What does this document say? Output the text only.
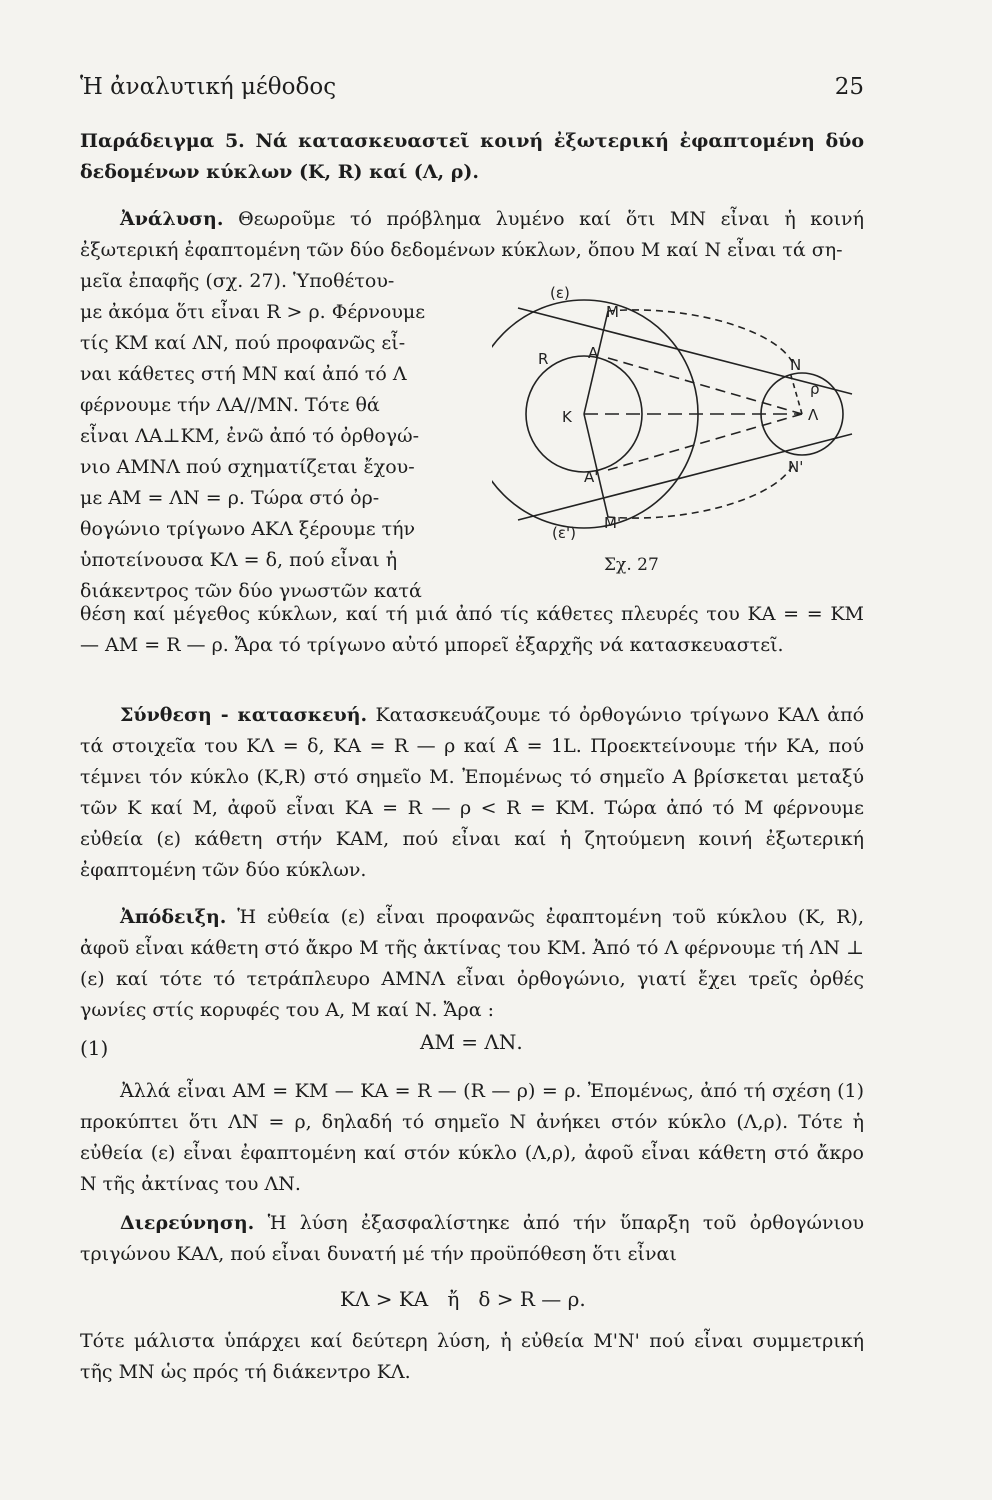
Ἡ ἀναλυτική μέθοδος	25

Παράδειγμα 5. Νά κατασκευαστεῖ κοινή ἐξωτερική ἐφαπτομένη δύο δεδομένων κύκλων (Κ, R) καί (Λ, ρ).

Ἀνάλυση. Θεωροῦμε τό πρόβλημα λυμένο καί ὅτι ΜΝ εἶναι ἡ κοινή ἐξωτερική ἐφαπτομένη τῶν δύο δεδομένων κύκλων, ὅπου Μ καί Ν εἶναι τά ση-

μεῖα ἐπαφῆς (σχ. 27). Ὑποθέτου-
με ἀκόμα ὅτι εἶναι R > ρ. Φέρνουμε
τίς ΚΜ καί ΛΝ, πού προφανῶς εἶ-
ναι κάθετες στή ΜΝ καί ἀπό τό Λ
φέρνουμε τήν ΛΑ//ΜΝ. Τότε θά
εἶναι ΛΑ⊥ΚΜ, ἐνῶ ἀπό τό ὀρθογώ-
νιο ΑΜΝΛ πού σχηματίζεται ἔχου-
με ΑΜ = ΛΝ = ρ. Τώρα στό ὀρ-
θογώνιο τρίγωνο ΑΚΛ ξέρουμε τήν
ὑποτείνουσα ΚΛ = δ, πού εἶναι ἡ
διάκεντρος τῶν δύο γνωστῶν κατά

θέση καί μέγεθος κύκλων, καί τή μιά ἀπό τίς κάθετες πλευρές του ΚΑ = = ΚΜ — ΑΜ = R — ρ. Ἄρα τό τρίγωνο αὐτό μπορεῖ ἐξαρχῆς νά κατασκευαστεῖ.

(ε)
Μ
R	Α
Κ
Α'
Ν
ρ
Λ
Ν'
Μ'
(ε')
Σχ. 27

Σύνθεση - κατασκευή. Κατασκευάζουμε τό ὀρθογώνιο τρίγωνο ΚΑΛ ἀπό τά στοιχεῖα του ΚΛ = δ, ΚΑ = R — ρ καί Α̂ = 1L. Προεκτείνουμε τήν ΚΑ, πού τέμνει τόν κύκλο (Κ,R) στό σημεῖο Μ. Ἐπομένως τό σημεῖο Α βρίσκεται μεταξύ τῶν Κ καί Μ, ἀφοῦ εἶναι ΚΑ = R — ρ < R = ΚΜ. Τώρα ἀπό τό Μ φέρνουμε εὐθεία (ε) κάθετη στήν ΚΑΜ, πού εἶναι καί ἡ ζητούμενη κοινή ἐξωτερική ἐφαπτομένη τῶν δύο κύκλων.

Ἀπόδειξη. Ἡ εὐθεία (ε) εἶναι προφανῶς ἐφαπτομένη τοῦ κύκλου (Κ, R), ἀφοῦ εἶναι κάθετη στό ἄκρο Μ τῆς ἀκτίνας του ΚΜ. Ἀπό τό Λ φέρνουμε τή ΛΝ ⊥ (ε) καί τότε τό τετράπλευρο ΑΜΝΛ εἶναι ὀρθογώνιο, γιατί ἔχει τρεῖς ὀρθές γωνίες στίς κορυφές του Α, Μ καί Ν. Ἄρα :

(1)	ΑΜ = ΛΝ.

Ἀλλά εἶναι ΑΜ = ΚΜ — ΚΑ = R — (R — ρ) = ρ. Ἐπομένως, ἀπό τή σχέση (1) προκύπτει ὅτι ΛΝ = ρ, δηλαδή τό σημεῖο Ν ἀνήκει στόν κύκλο (Λ,ρ). Τότε ἡ εὐθεία (ε) εἶναι ἐφαπτομένη καί στόν κύκλο (Λ,ρ), ἀφοῦ εἶναι κάθετη στό ἄκρο Ν τῆς ἀκτίνας του ΛΝ.

Διερεύνηση. Ἡ λύση ἐξασφαλίστηκε ἀπό τήν ὕπαρξη τοῦ ὀρθογώνιου τριγώνου ΚΑΛ, πού εἶναι δυνατή μέ τήν προϋπόθεση ὅτι εἶναι

ΚΛ > ΚΑ   ἤ   δ > R — ρ.

Τότε μάλιστα ὑπάρχει καί δεύτερη λύση, ἡ εὐθεία Μ'Ν' πού εἶναι συμμετρική τῆς ΜΝ ὡς πρός τή διάκεντρο ΚΛ.
